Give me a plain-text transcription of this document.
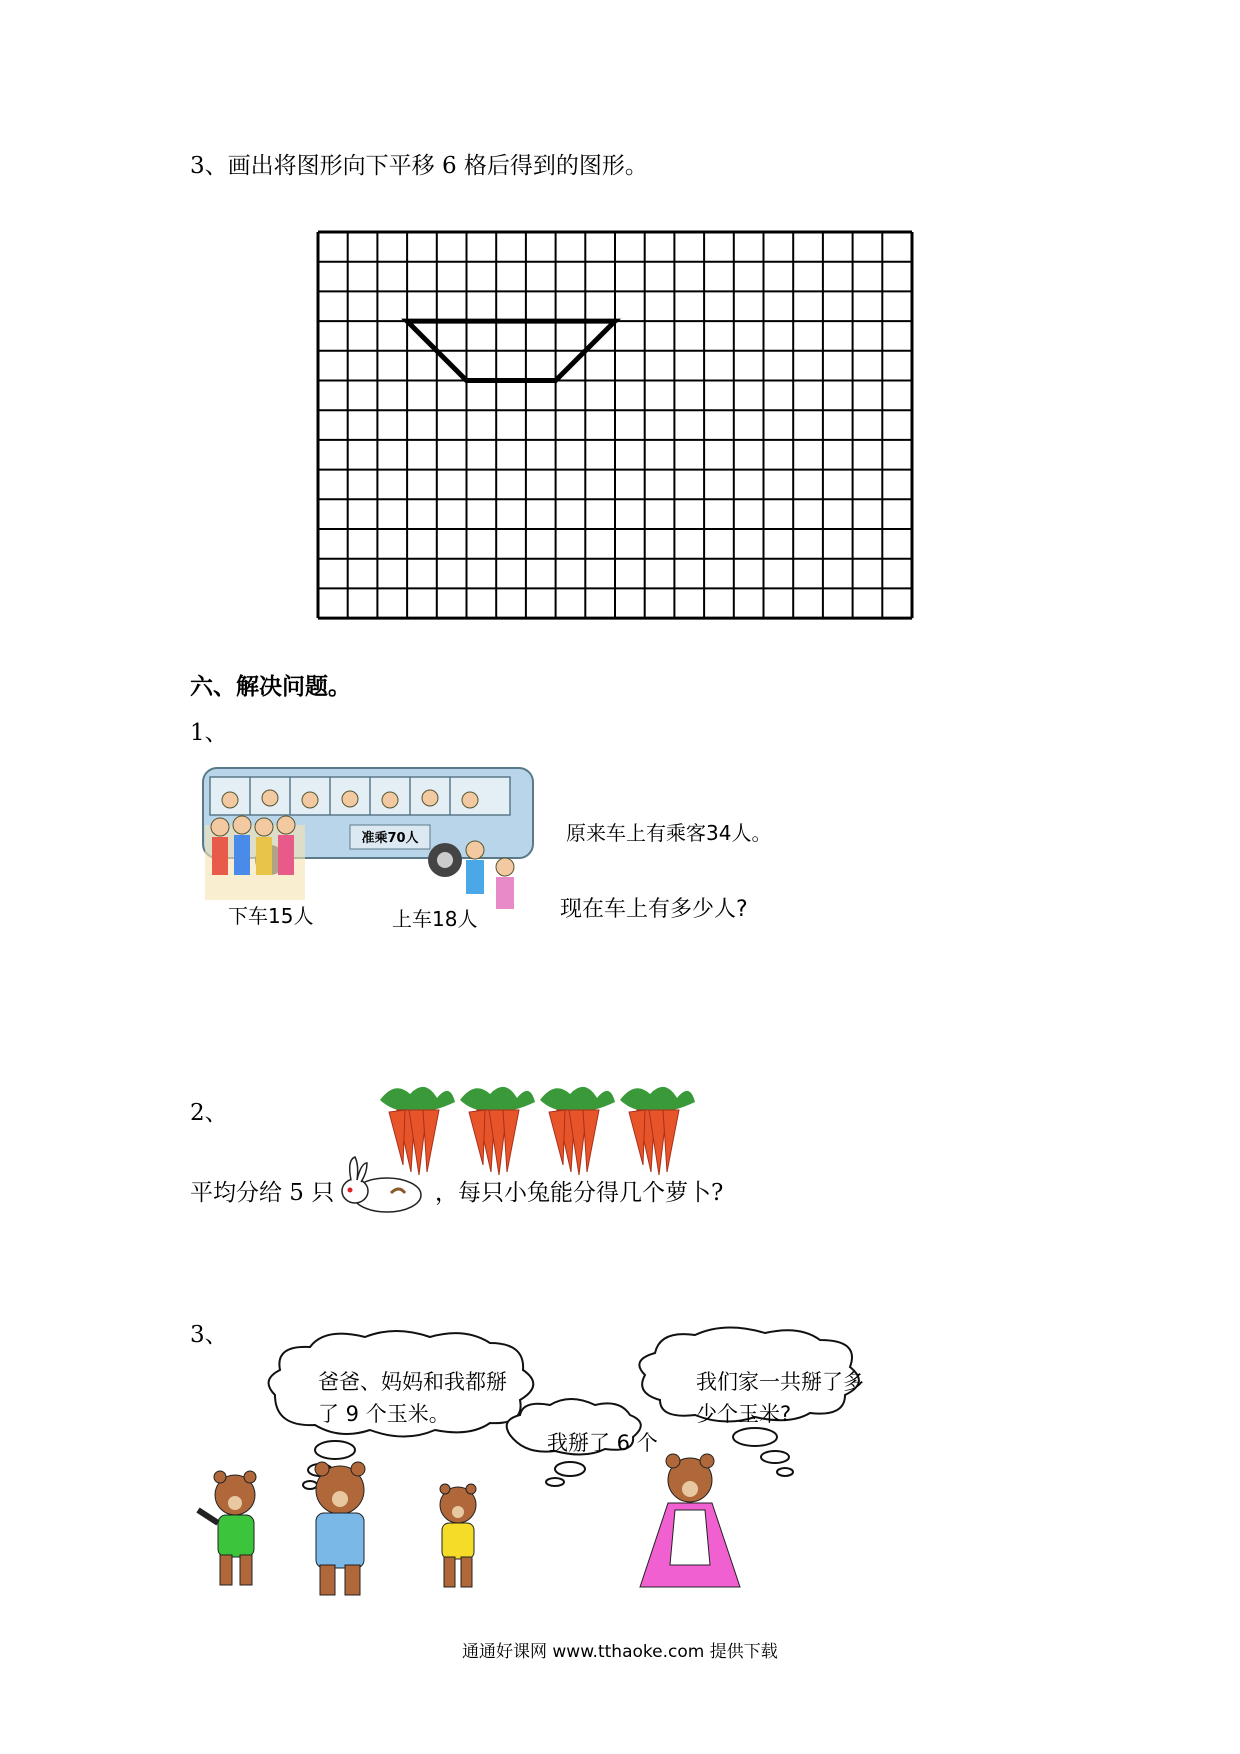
3、画出将图形向下平移 6 格后得到的图形。
六、解决问题。
1、
准乘70人
下车15人	上车18人
原来车上有乘客34人。
现在车上有多少人?
2、
平均分给 5 只	，每只小兔能分得几个萝卜?
3、
爸爸、妈妈和我都掰
了 9 个玉米。
我掰了 6 个
我们家一共掰了多
少个玉米?
通通好课网 www.tthaoke.com 提供下载
